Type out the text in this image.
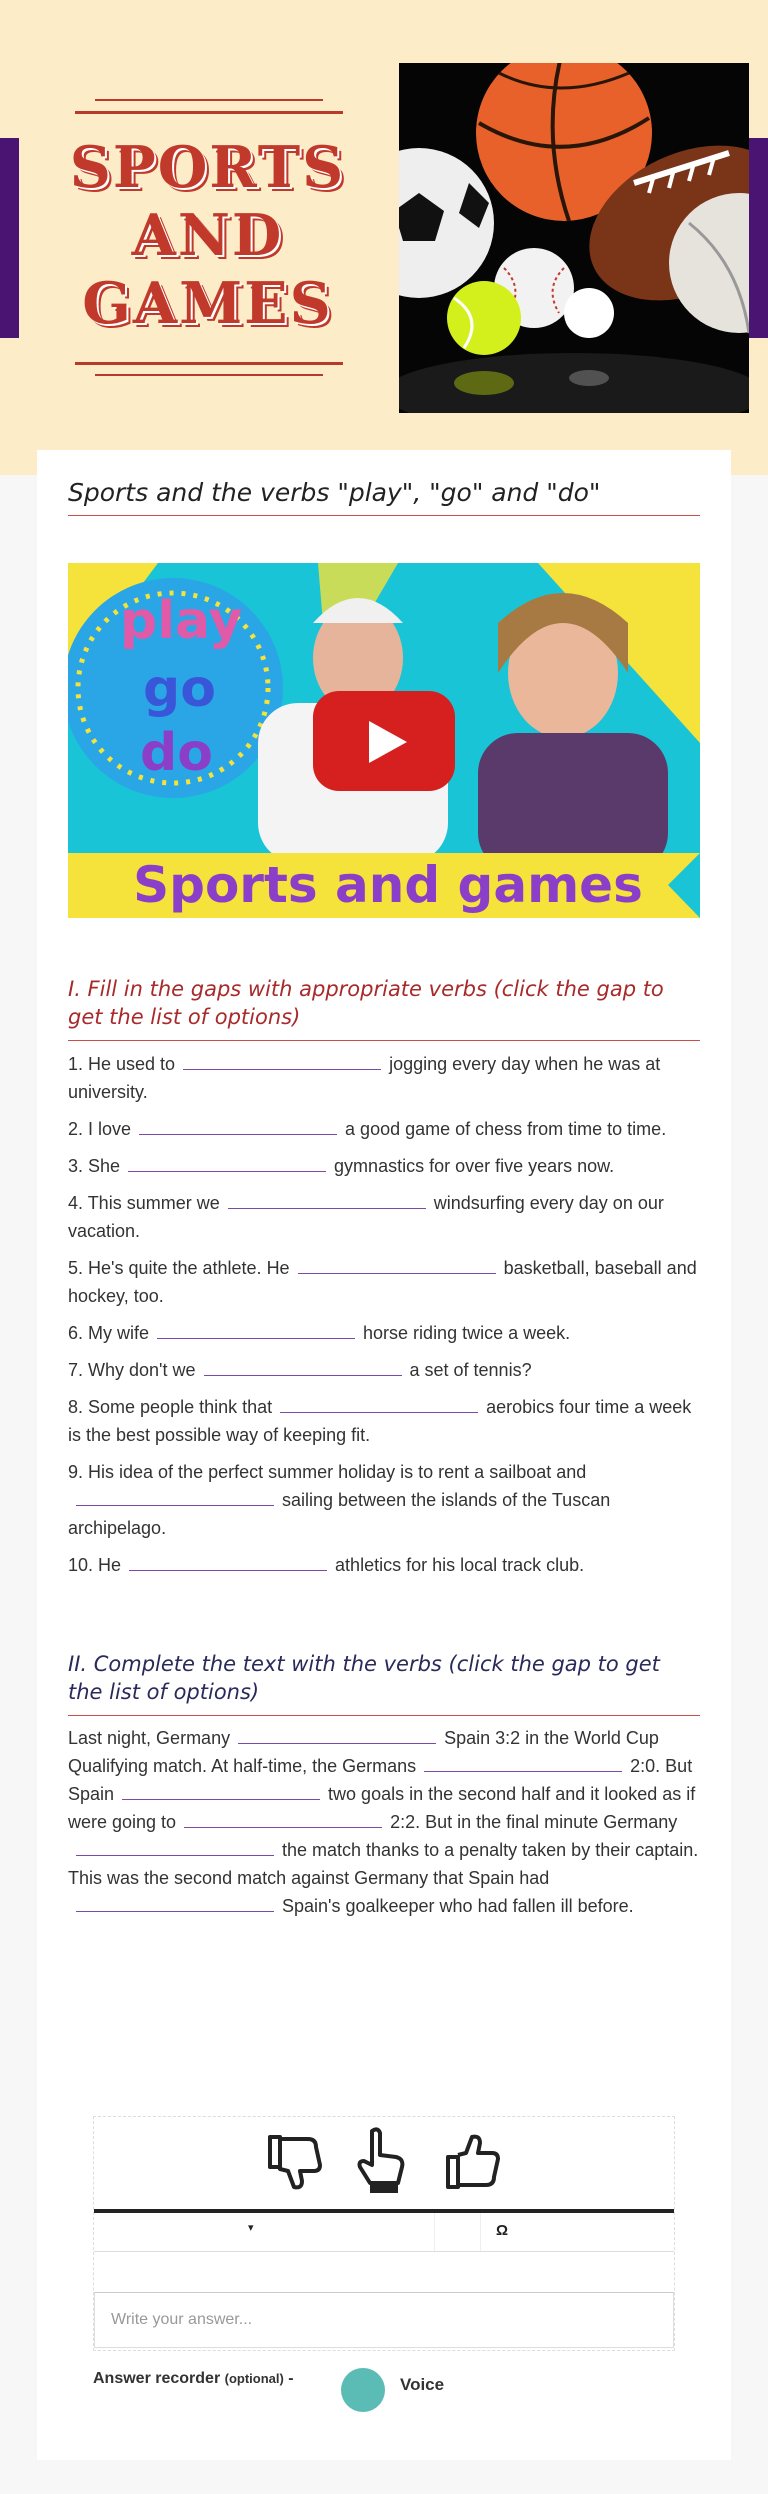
SPORTS
AND
GAMES
Sports and the verbs "play", "go" and "do"
play
go
do
Sports and games
I. Fill in the gaps with appropriate verbs (click the gap to get the list of options)
1. He used to	jogging every day when he was at university.
2. I love	a good game of chess from time to time.
3. She	gymnastics for over five years now.
4. This summer we	windsurfing every day on our vacation.
5. He's quite the athlete. He	basketball, baseball and hockey, too.
6. My wife	horse riding twice a week.
7. Why don't we	a set of tennis?
8. Some people think that	aerobics four time a week is the best possible way of keeping fit.
9. His idea of the perfect summer holiday is to rent a sailboat andsailing between the islands of the Tuscan archipelago.
10. He	athletics for his local track club.
II. Complete the text with the verbs (click the gap to get the list of options)
Last night, Germany	Spain 3:2 in the World Cup Qualifying match. At half-time, the Germans	2:0. But Spain	two goals in the second half and it looked as if were going to	2:2. But in the final minute Germanythe match thanks to a penalty taken by their captain. This was the second match against Germany that Spain hadSpain's goalkeeper who had fallen ill before.
▾	Ω
Write your answer...
Answer recorder (optional) -	Voice
